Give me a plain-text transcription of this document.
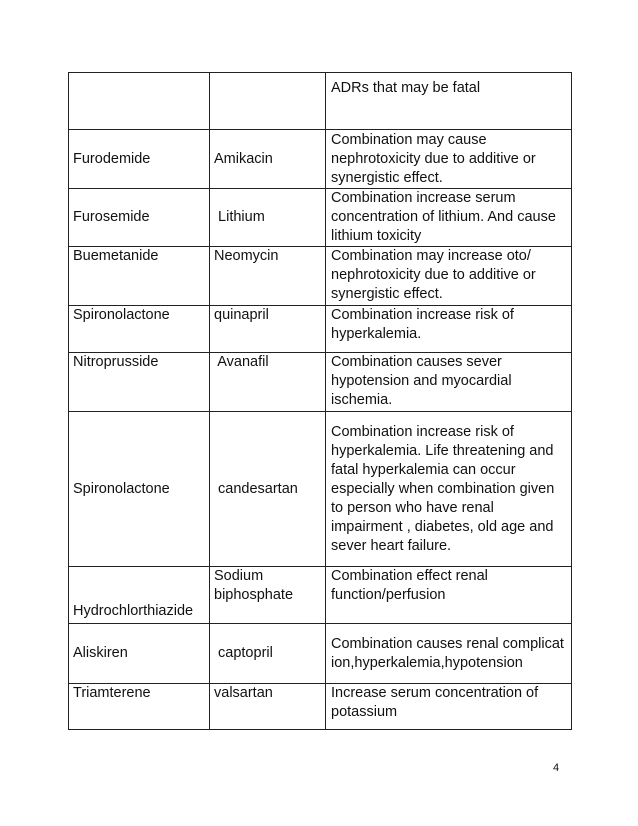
		ADRs that may be fatal
Furodemide	Amikacin	Combination may cause nephrotoxicity due to additive or synergistic effect.
Furosemide	Lithium	Combination increase serum concentration of lithium. And cause lithium toxicity
Buemetanide	Neomycin	Combination may increase oto/ nephrotoxicity due to additive or synergistic effect.
Spironolactone	quinapril	Combination increase risk of hyperkalemia.
Nitroprusside	Avanafil	Combination causes sever hypotension and myocardial ischemia.
Spironolactone	candesartan	Combination increase risk of hyperkalemia. Life threatening and fatal hyperkalemia can occur especially when combination given to person who have renal impairment , diabetes, old age and sever heart failure.
Hydrochlorthiazide	Sodium biphosphate	Combination effect renal function/perfusion
Aliskiren	captopril	Combination causes renal complication,hyperkalemia,hypotension
Triamterene	valsartan	Increase serum concentration of potassium
4
